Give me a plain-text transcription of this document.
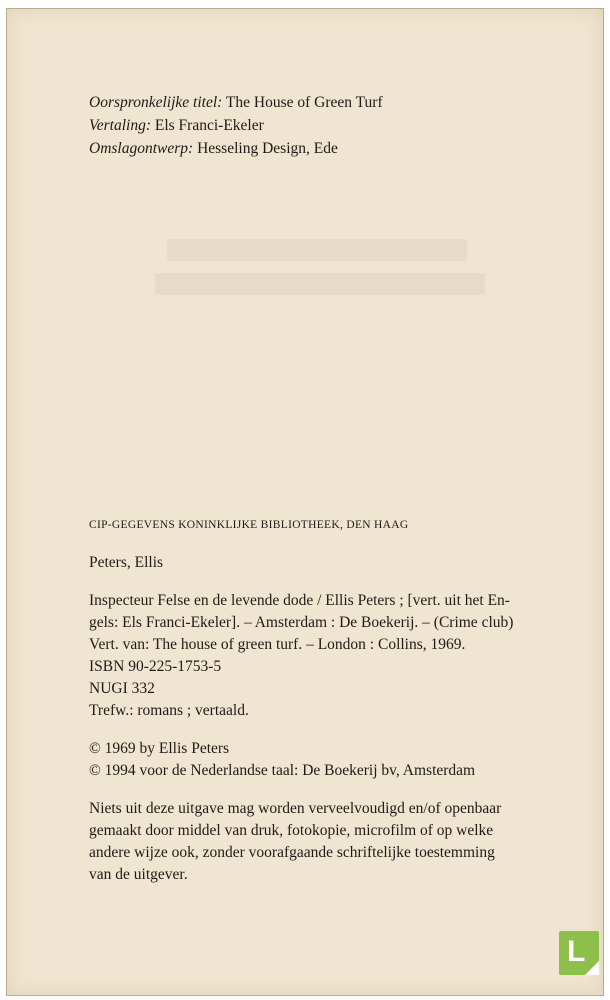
Oorspronkelijke titel: The House of Green Turf
Vertaling: Els Franci-Ekeler
Omslagontwerp: Hesseling Design, Ede
CIP-GEGEVENS KONINKLIJKE BIBLIOTHEEK, DEN HAAG
Peters, Ellis
Inspecteur Felse en de levende dode / Ellis Peters ; [vert. uit het En-
gels: Els Franci-Ekeler]. – Amsterdam : De Boekerij. – (Crime club)
Vert. van: The house of green turf. – London : Collins, 1969.
ISBN 90-225-1753-5
NUGI 332
Trefw.: romans ; vertaald.
© 1969 by Ellis Peters
© 1994 voor de Nederlandse taal: De Boekerij bv, Amsterdam
Niets uit deze uitgave mag worden verveelvoudigd en/of openbaar
gemaakt door middel van druk, fotokopie, microfilm of op welke
andere wijze ook, zonder voorafgaande schriftelijke toestemming
van de uitgever.
L
